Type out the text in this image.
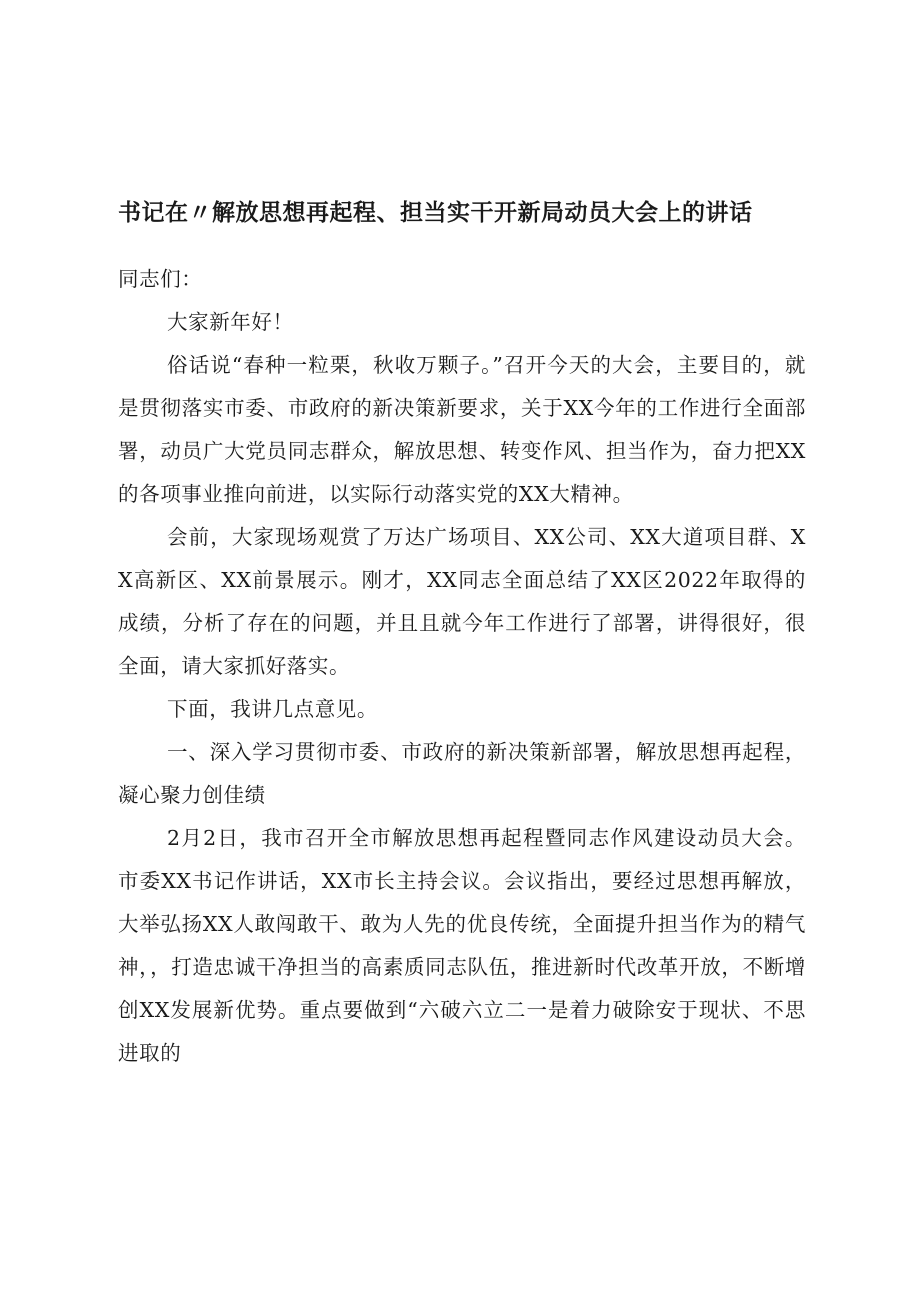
书记在〃解放思想再起程、担当实干开新局动员大会上的讲话

同志们：

大家新年好！

俗话说“春种一粒栗，秋收万颗子。”召开今天的大会，主要目的，就是贯彻落实市委、市政府的新决策新要求，关于XX今年的工作进行全面部署，动员广大党员同志群众，解放思想、转变作风、担当作为，奋力把XX的各项事业推向前进，以实际行动落实党的XX大精神。

会前，大家现场观赏了万达广场项目、XX公司、XX大道项目群、XX高新区、XX前景展示。刚才，XX同志全面总结了XX区2022年取得的成绩，分析了存在的问题，并且且就今年工作进行了部署，讲得很好，很全面，请大家抓好落实。

下面，我讲几点意见。

一、深入学习贯彻市委、市政府的新决策新部署，解放思想再起程，凝心聚力创佳绩

2月2日，我市召开全市解放思想再起程暨同志作风建设动员大会。市委XX书记作讲话，XX市长主持会议。会议指出，要经过思想再解放，大举弘扬XX人敢闯敢干、敢为人先的优良传统，全面提升担当作为的精气神，，打造忠诚干净担当的高素质同志队伍，推进新时代改革开放，不断增创XX发展新优势。重点要做到“六破六立二一是着力破除安于现状、不思进取的
